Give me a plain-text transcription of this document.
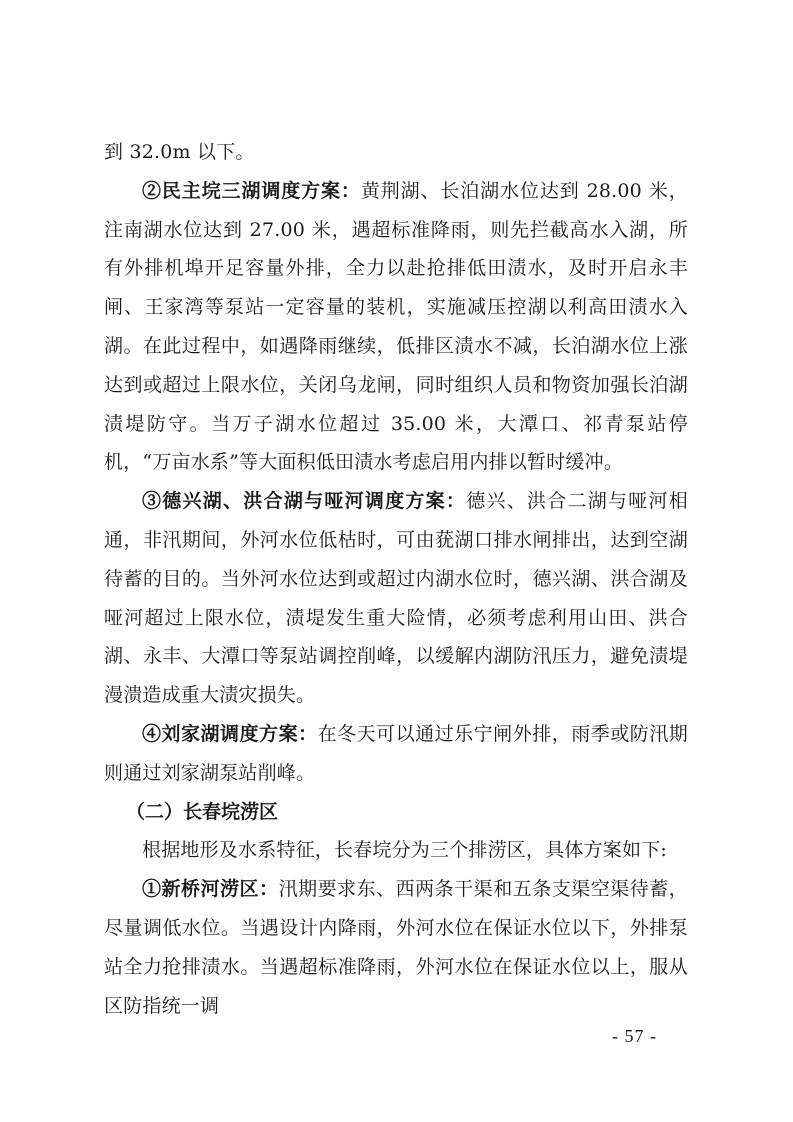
到 32.0m 以下。

②民主垸三湖调度方案：黄荆湖、长泊湖水位达到 28.00 米，注南湖水位达到 27.00 米，遇超标准降雨，则先拦截高水入湖，所有外排机埠开足容量外排，全力以赴抢排低田渍水，及时开启永丰闸、王家湾等泵站一定容量的装机，实施减压控湖以利高田渍水入湖。在此过程中，如遇降雨继续，低排区渍水不减，长泊湖水位上涨达到或超过上限水位，关闭乌龙闸，同时组织人员和物资加强长泊湖渍堤防守。当万子湖水位超过 35.00 米，大潭口、祁青泵站停机，“万亩水系”等大面积低田渍水考虑启用内排以暂时缓冲。

③德兴湖、洪合湖与哑河调度方案：德兴、洪合二湖与哑河相通，非汛期间，外河水位低枯时，可由莸湖口排水闸排出，达到空湖待蓄的目的。当外河水位达到或超过内湖水位时，德兴湖、洪合湖及哑河超过上限水位，渍堤发生重大险情，必须考虑利用山田、洪合湖、永丰、大潭口等泵站调控削峰，以缓解内湖防汛压力，避免渍堤漫溃造成重大渍灾损失。

④刘家湖调度方案：在冬天可以通过乐宁闸外排，雨季或防汛期则通过刘家湖泵站削峰。

（二）长春垸涝区

根据地形及水系特征，长春垸分为三个排涝区，具体方案如下:

①新桥河涝区：汛期要求东、西两条干渠和五条支渠空渠待蓄，尽量调低水位。当遇设计内降雨，外河水位在保证水位以下，外排泵站全力抢排渍水。当遇超标准降雨，外河水位在保证水位以上，服从区防指统一调

- 57 -
